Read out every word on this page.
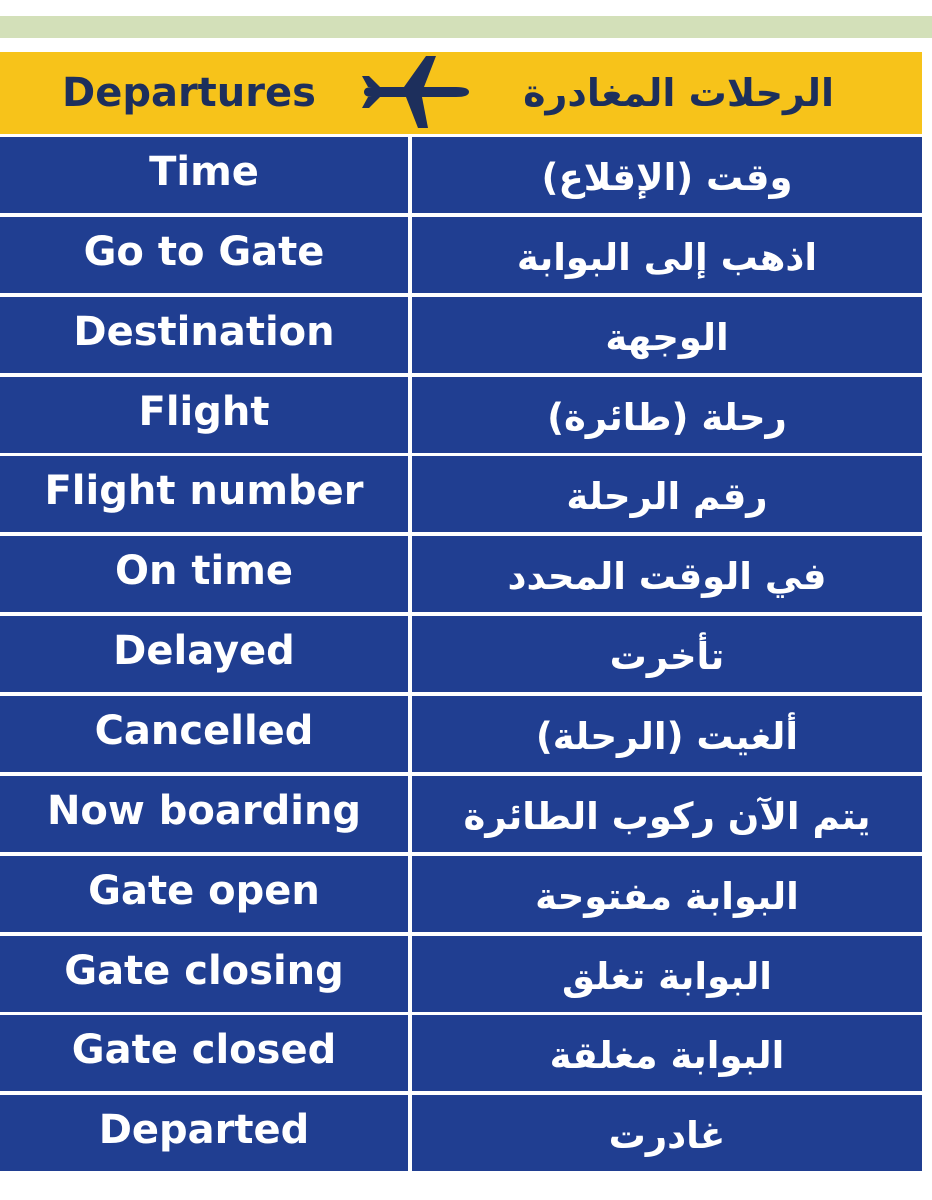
Departures	الرحلات المغادرة
Time	وقت (الإقلاع)
Go to Gate	اذهب إلى البوابة
Destination	الوجهة
Flight	رحلة (طائرة)
Flight number	رقم الرحلة
On time	في الوقت المحدد
Delayed	تأخرت
Cancelled	ألغيت (الرحلة)
Now boarding	يتم الآن ركوب الطائرة
Gate open	البوابة مفتوحة
Gate closing	البوابة تغلق
Gate closed	البوابة مغلقة
Departed	غادرت
